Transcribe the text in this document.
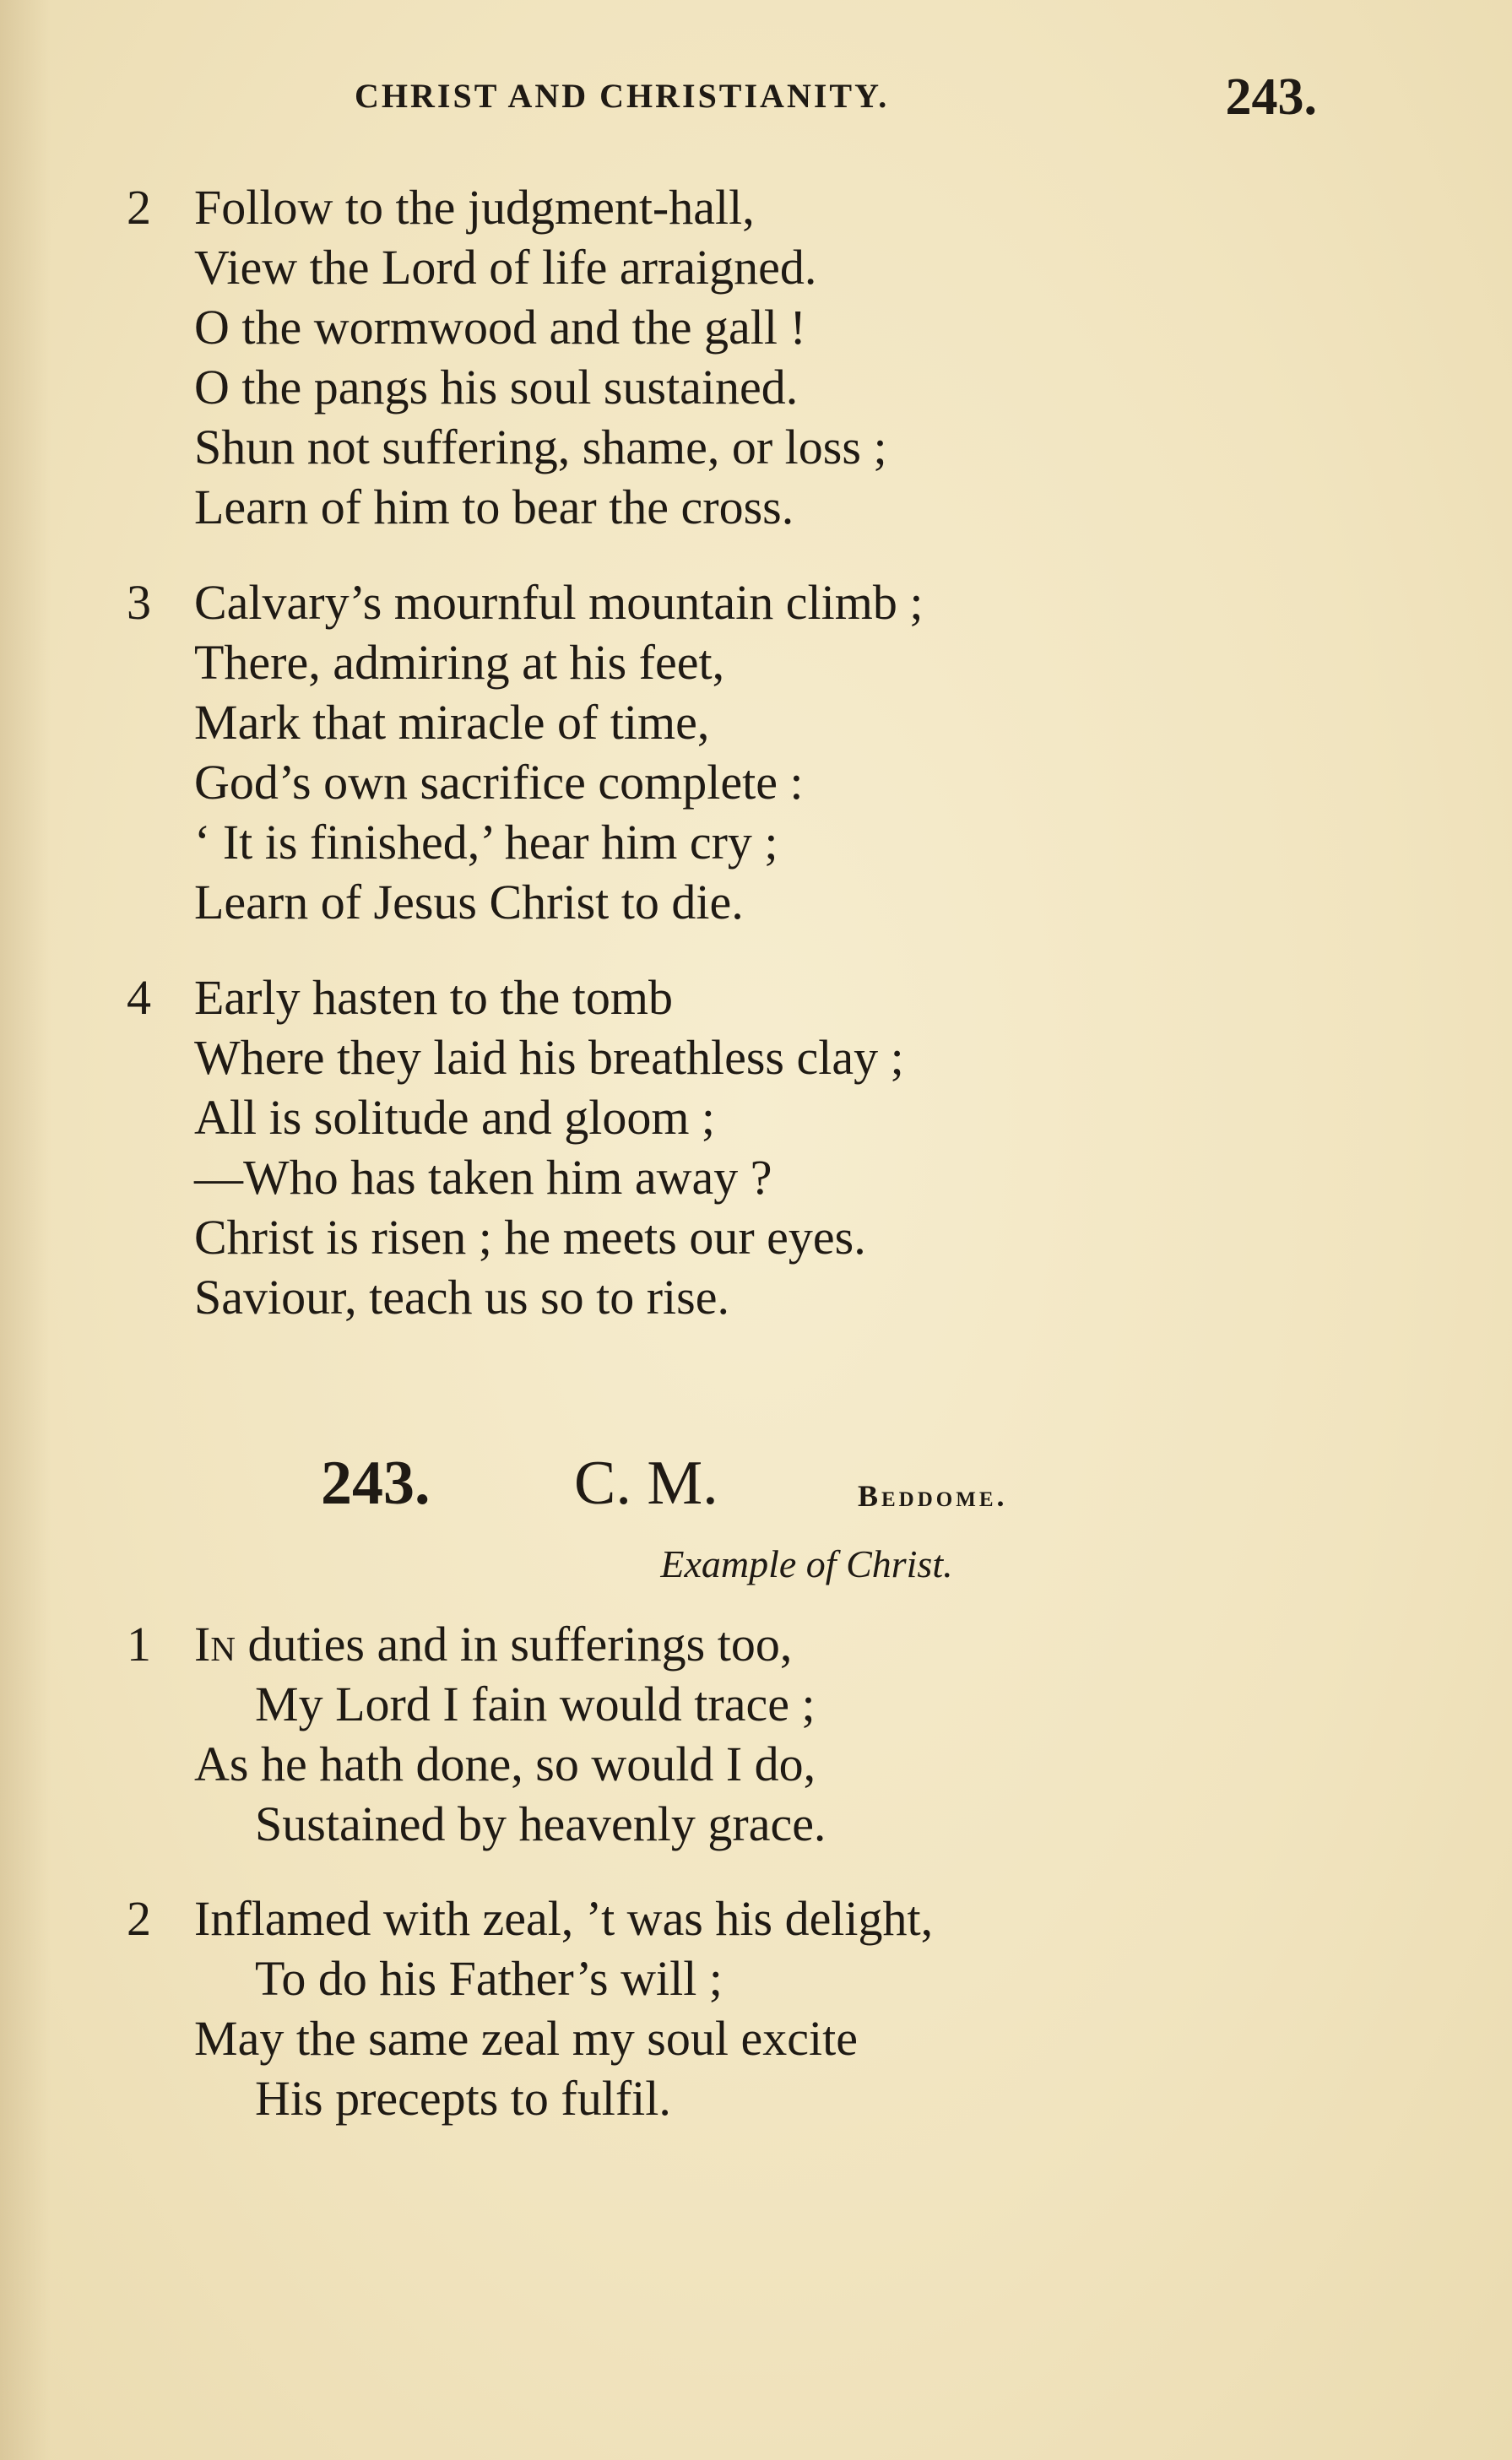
CHRIST AND CHRISTIANITY.	243.
2 Follow to the judgment-hall,
View the Lord of life arraigned.
O the wormwood and the gall !
O the pangs his soul sustained.
Shun not suffering, shame, or loss ;
Learn of him to bear the cross.
3 Calvary’s mournful mountain climb ;
There, admiring at his feet,
Mark that miracle of time,
God’s own sacrifice complete :
‘ It is finished,’ hear him cry ;
Learn of Jesus Christ to die.
4 Early hasten to the tomb
Where they laid his breathless clay ;
All is solitude and gloom ;
—Who has taken him away ?
Christ is risen ; he meets our eyes.
Saviour, teach us so to rise.
243. C. M.	Beddome.
Example of Christ.
1 In duties and in sufferings too,
My Lord I fain would trace ;
As he hath done, so would I do,
Sustained by heavenly grace.
2 Inflamed with zeal, ’t was his delight,
To do his Father’s will ;
May the same zeal my soul excite
His precepts to fulfil.
